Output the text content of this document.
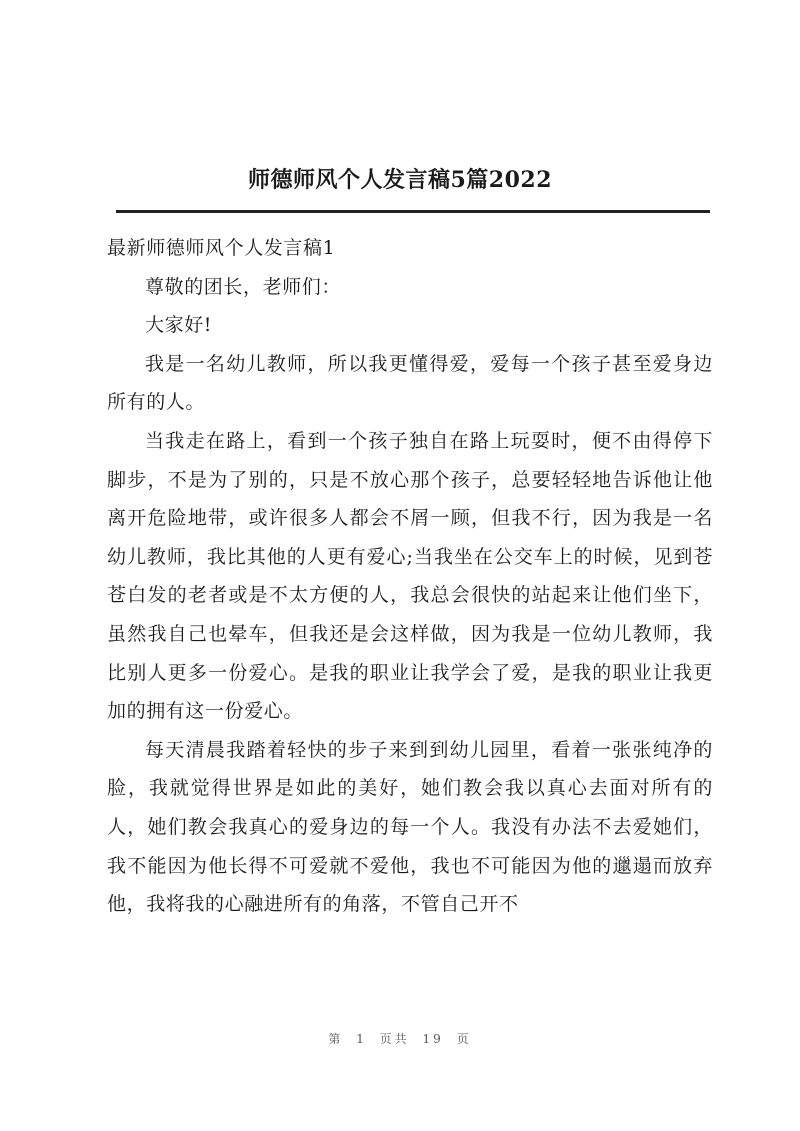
师德师风个人发言稿5篇2022

最新师德师风个人发言稿1

尊敬的团长，老师们：

大家好!

我是一名幼儿教师，所以我更懂得爱，爱每一个孩子甚至爱身边所有的人。

当我走在路上，看到一个孩子独自在路上玩耍时，便不由得停下脚步，不是为了别的，只是不放心那个孩子，总要轻轻地告诉他让他离开危险地带，或许很多人都会不屑一顾，但我不行，因为我是一名幼儿教师，我比其他的人更有爱心;当我坐在公交车上的时候，见到苍苍白发的老者或是不太方便的人，我总会很快的站起来让他们坐下，虽然我自己也晕车，但我还是会这样做，因为我是一位幼儿教师，我比别人更多一份爱心。是我的职业让我学会了爱，是我的职业让我更加的拥有这一份爱心。

每天清晨我踏着轻快的步子来到到幼儿园里，看着一张张纯净的脸，我就觉得世界是如此的美好，她们教会我以真心去面对所有的人，她们教会我真心的爱身边的每一个人。我没有办法不去爱她们，我不能因为他长得不可爱就不爱他，我也不可能因为他的邋遢而放弃他，我将我的心融进所有的角落，不管自己开不

第 1 页共 19 页
